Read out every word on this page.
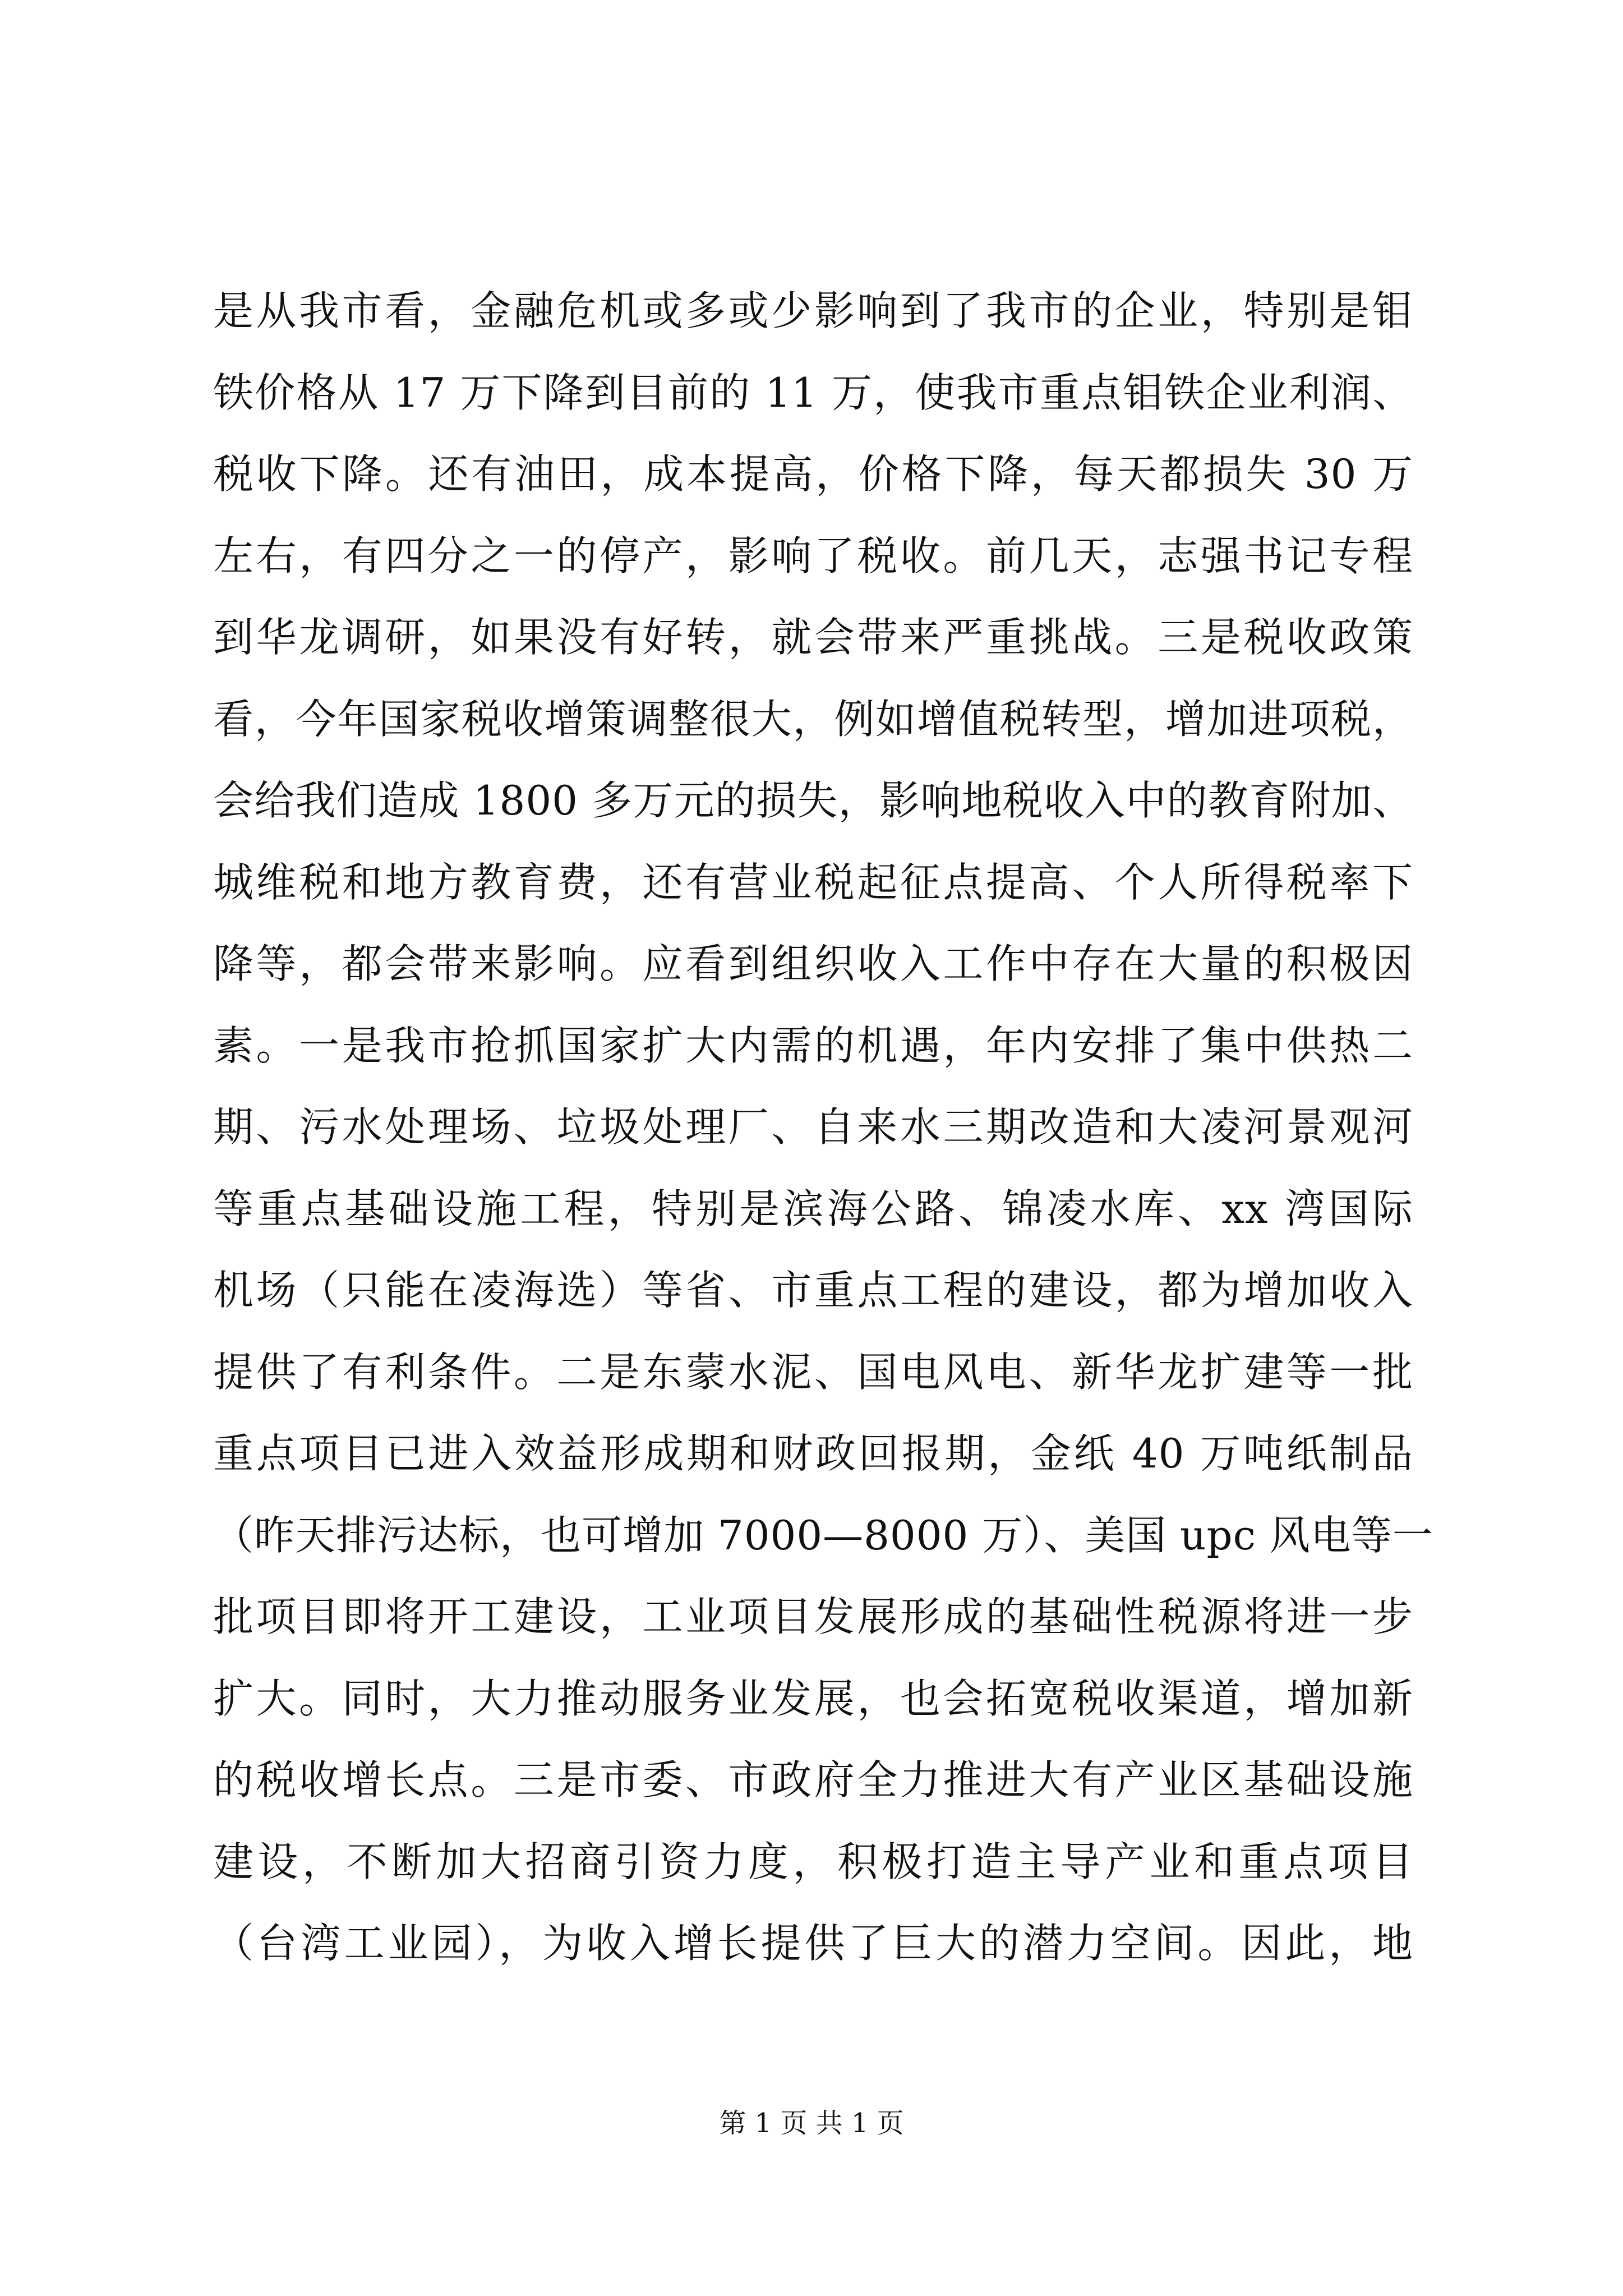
是从我市看，金融危机或多或少影响到了我市的企业，特别是钼
铁价格从 17 万下降到目前的 11 万，使我市重点钼铁企业利润、
税收下降。还有油田，成本提高，价格下降，每天都损失 30 万
左右，有四分之一的停产，影响了税收。前几天，志强书记专程
到华龙调研，如果没有好转，就会带来严重挑战。三是税收政策
看，今年国家税收增策调整很大，例如增值税转型，增加进项税，
会给我们造成 1800 多万元的损失，影响地税收入中的教育附加、
城维税和地方教育费，还有营业税起征点提高、个人所得税率下
降等，都会带来影响。应看到组织收入工作中存在大量的积极因
素。一是我市抢抓国家扩大内需的机遇，年内安排了集中供热二
期、污水处理场、垃圾处理厂、自来水三期改造和大凌河景观河
等重点基础设施工程，特别是滨海公路、锦凌水库、xx 湾国际
机场（只能在凌海选）等省、市重点工程的建设，都为增加收入
提供了有利条件。二是东蒙水泥、国电风电、新华龙扩建等一批
重点项目已进入效益形成期和财政回报期，金纸 40 万吨纸制品
（昨天排污达标，也可增加 7000—8000 万）、美国 upc 风电等一
批项目即将开工建设，工业项目发展形成的基础性税源将进一步
扩大。同时，大力推动服务业发展，也会拓宽税收渠道，增加新
的税收增长点。三是市委、市政府全力推进大有产业区基础设施
建设，不断加大招商引资力度，积极打造主导产业和重点项目
（台湾工业园），为收入增长提供了巨大的潜力空间。因此，地
第 1 页 共 1 页
